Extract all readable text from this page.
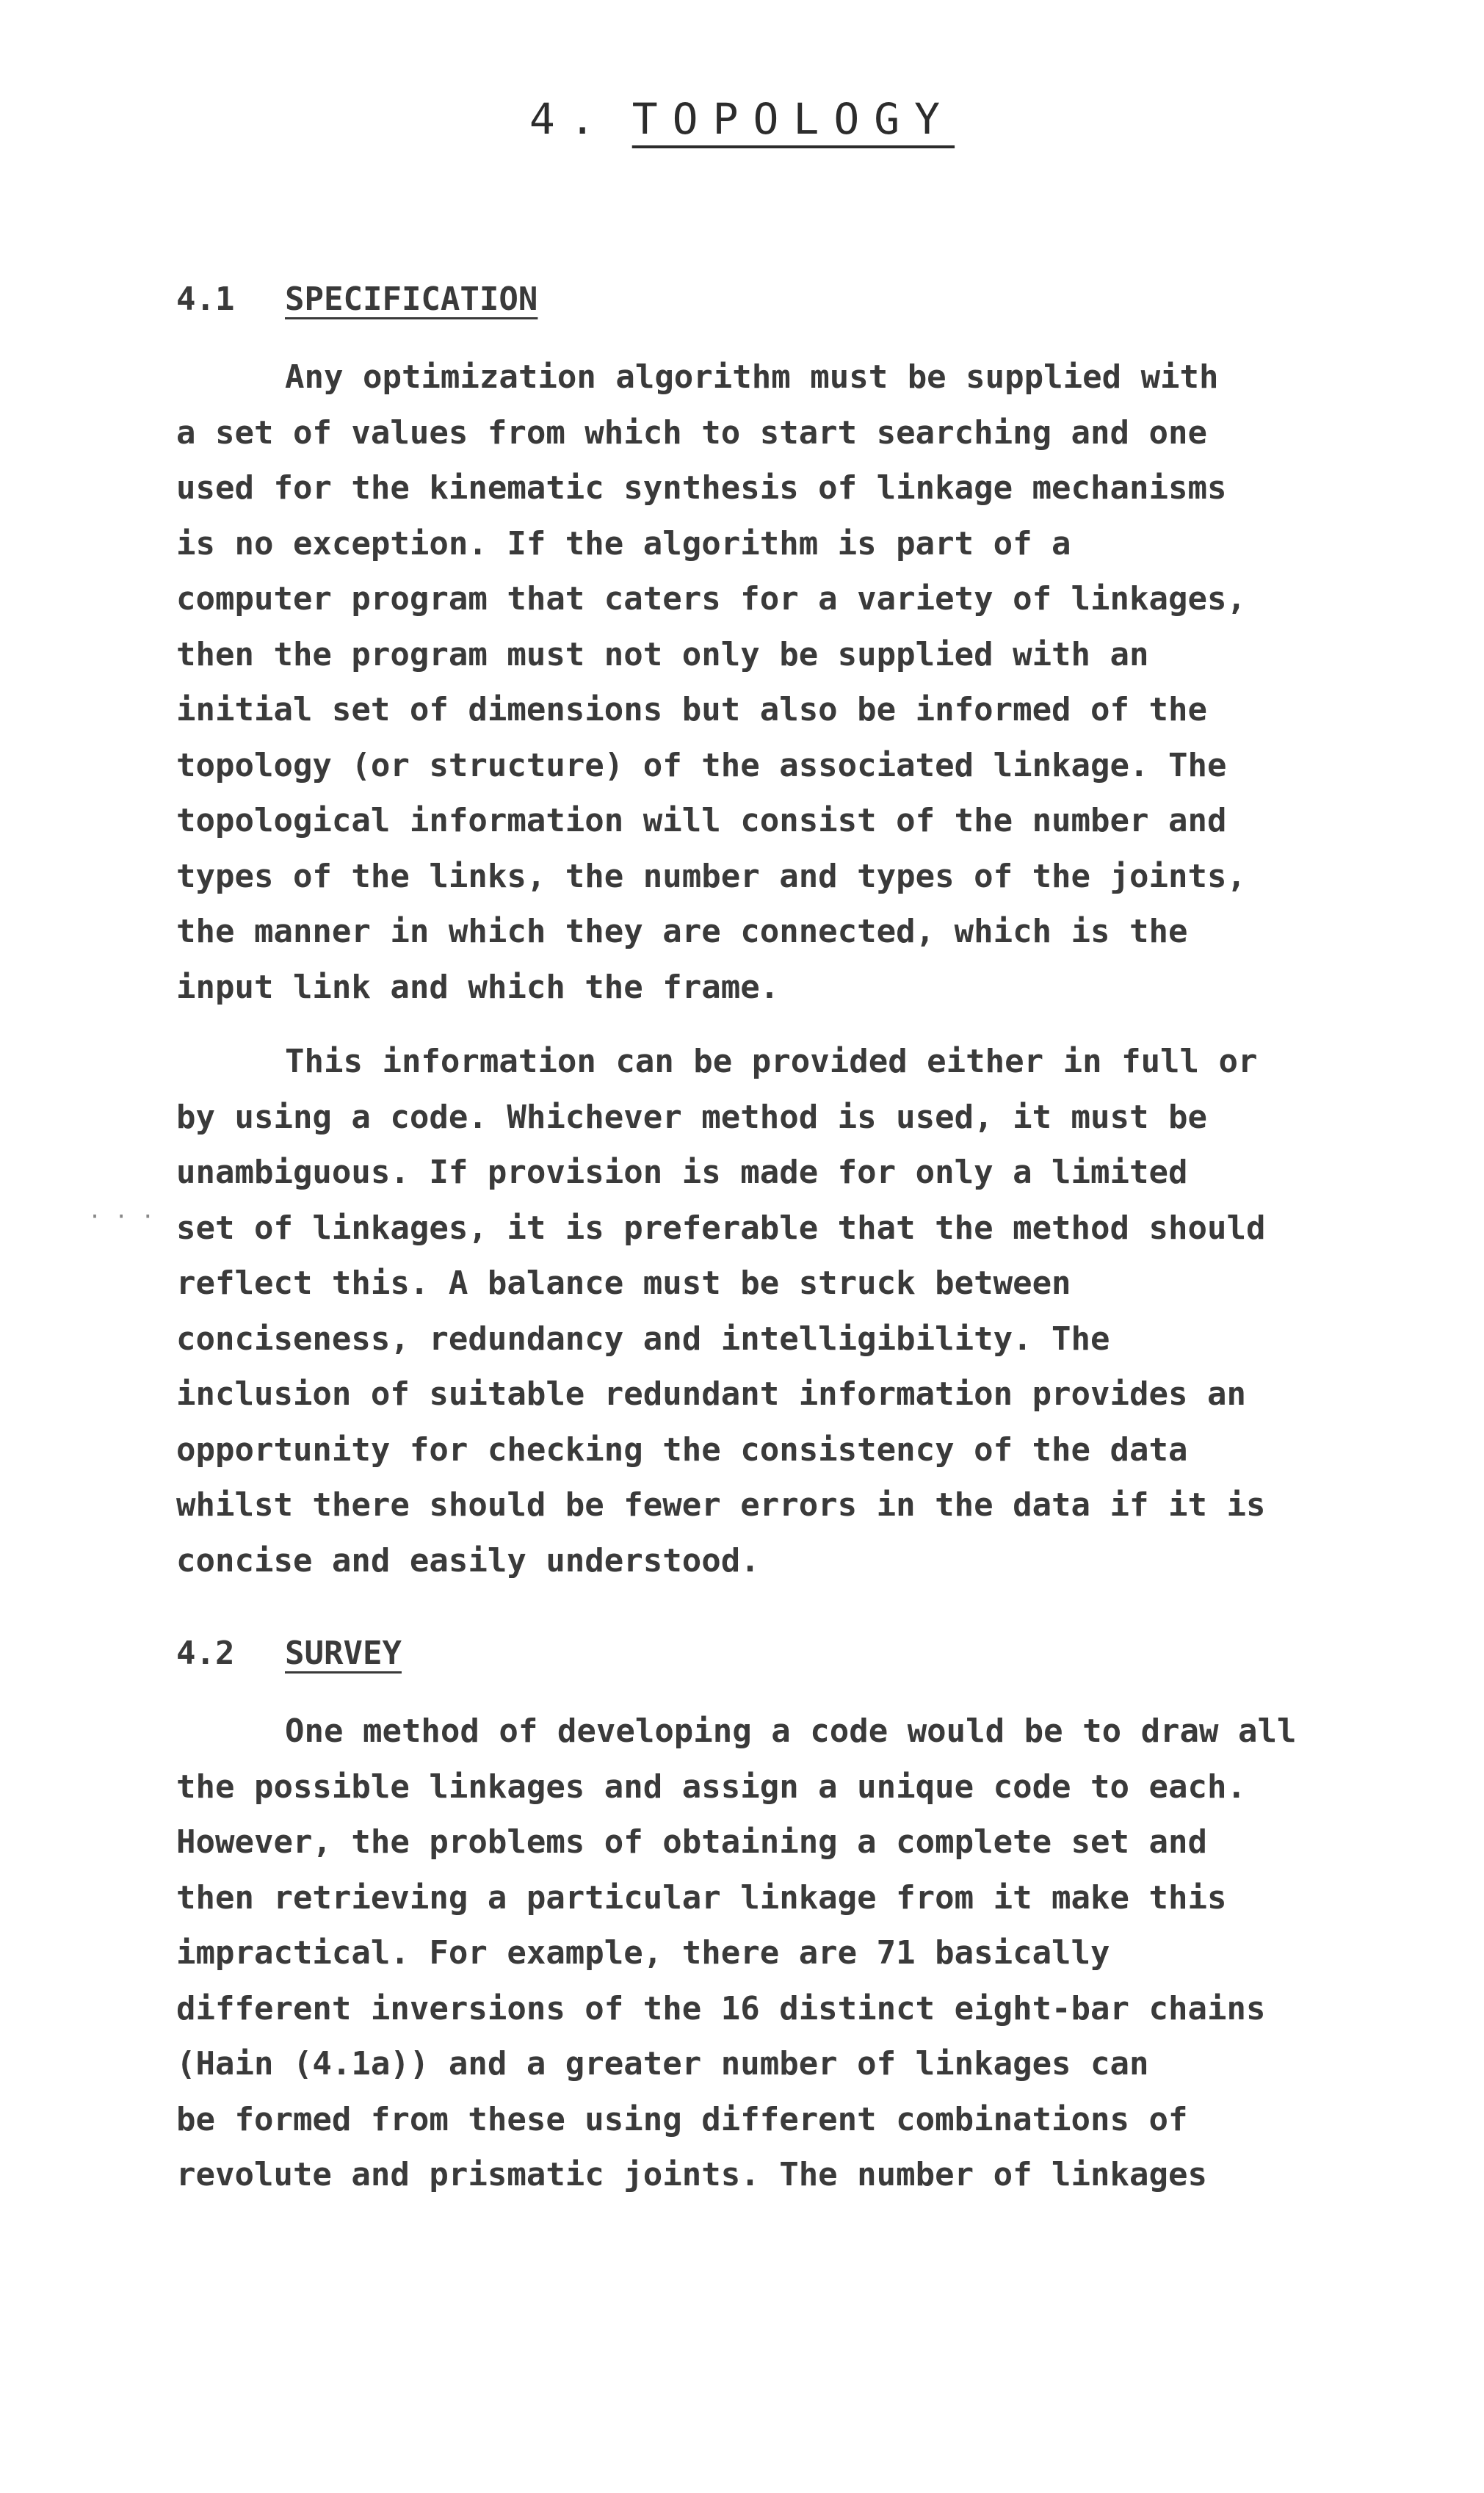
4. TOPOLOGY
4.1 SPECIFICATION

Any optimization algorithm must be supplied with
a set of values from which to start searching and one
used for the kinematic synthesis of linkage mechanisms
is no exception. If the algorithm is part of a
computer program that caters for a variety of linkages,
then the program must not only be supplied with an
initial set of dimensions but also be informed of the
topology (or structure) of the associated linkage. The
topological information will consist of the number and
types of the links, the number and types of the joints,
the manner in which they are connected, which is the
input link and which the frame.

This information can be provided either in full or
by using a code. Whichever method is used, it must be
unambiguous. If provision is made for only a limited
set of linkages, it is preferable that the method should
reflect this. A balance must be struck between
conciseness, redundancy and intelligibility. The
inclusion of suitable redundant information provides an
opportunity for checking the consistency of the data
whilst there should be fewer errors in the data if it is
concise and easily understood.

· · ·
4.2 SURVEY

One method of developing a code would be to draw all
the possible linkages and assign a unique code to each.
However, the problems of obtaining a complete set and
then retrieving a particular linkage from it make this
impractical. For example, there are 71 basically
different inversions of the 16 distinct eight-bar chains
(Hain (4.1a)) and a greater number of linkages can
be formed from these using different combinations of
revolute and prismatic joints. The number of linkages
